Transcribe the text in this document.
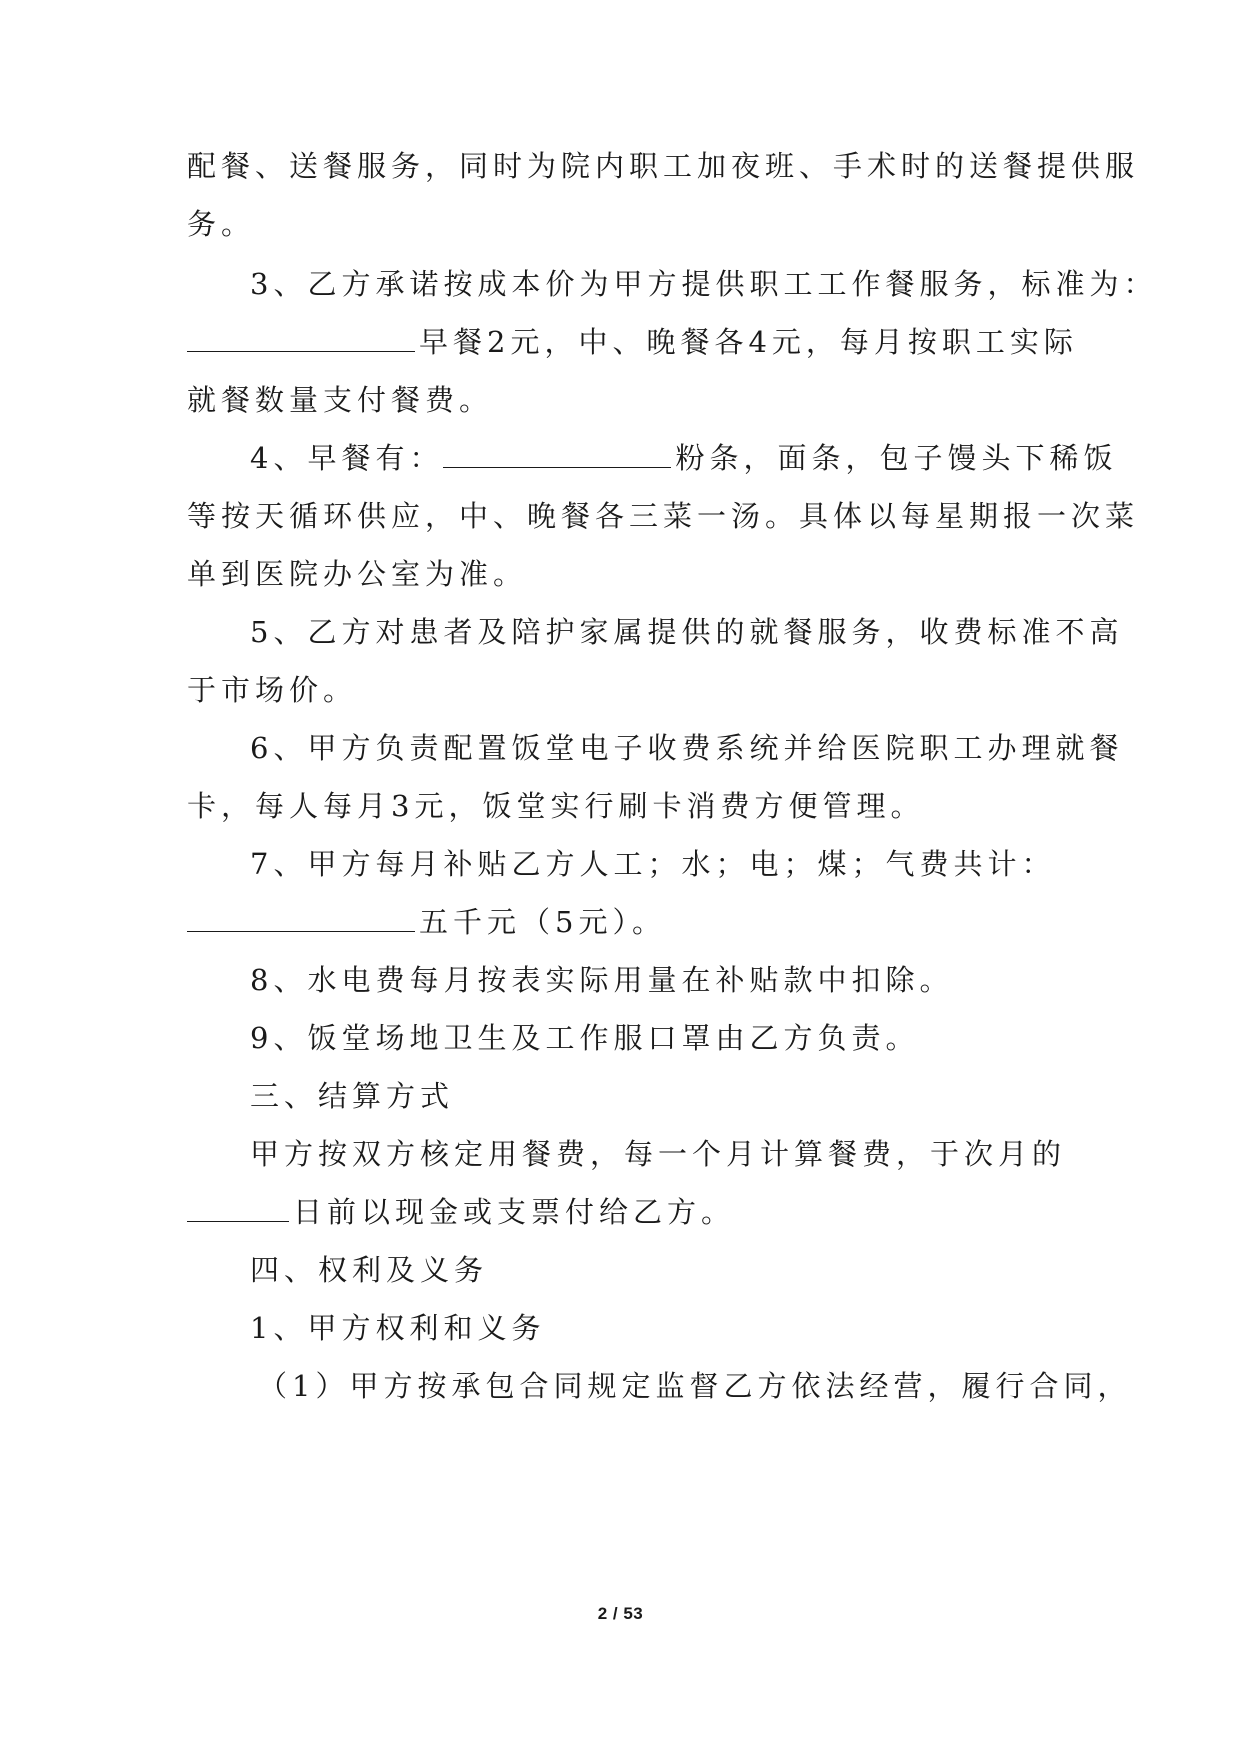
配餐、送餐服务，同时为院内职工加夜班、手术时的送餐提供服
务。
3、乙方承诺按成本价为甲方提供职工工作餐服务，标准为：
早餐2元，中、晚餐各4元，每月按职工实际
就餐数量支付餐费。
4、早餐有：	粉条，面条，包子馒头下稀饭
等按天循环供应，中、晚餐各三菜一汤。具体以每星期报一次菜
单到医院办公室为准。
5、乙方对患者及陪护家属提供的就餐服务，收费标准不高
于市场价。
6、甲方负责配置饭堂电子收费系统并给医院职工办理就餐
卡，每人每月3元，饭堂实行刷卡消费方便管理。
7、甲方每月补贴乙方人工；水；电；煤；气费共计：
五千元（5元）。
8、水电费每月按表实际用量在补贴款中扣除。
9、饭堂场地卫生及工作服口罩由乙方负责。
三、结算方式
甲方按双方核定用餐费，每一个月计算餐费，于次月的
日前以现金或支票付给乙方。
四、权利及义务
1、甲方权利和义务
（1）甲方按承包合同规定监督乙方依法经营，履行合同，
2 / 53
